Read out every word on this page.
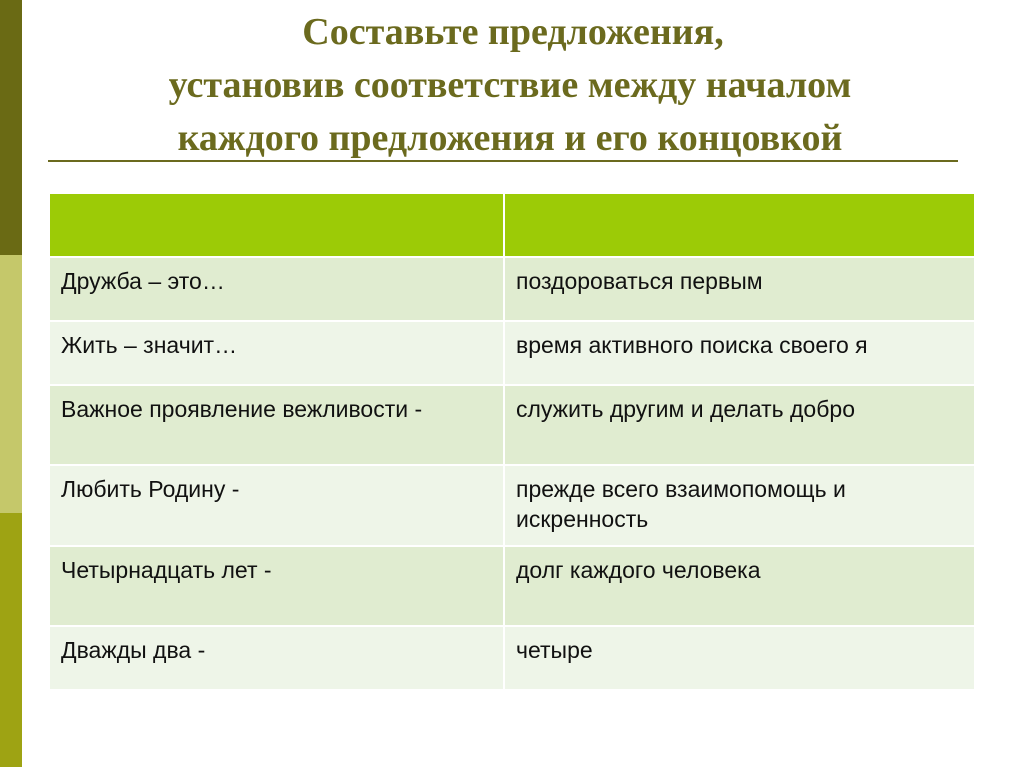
Составьте предложения,
установив соответствие между началом
каждого предложения и его концовкой

Дружба – это…	поздороваться первым
Жить – значит…	время активного поиска своего я
Важное проявление вежливости -	служить другим и делать добро
Любить Родину -	прежде всего взаимопомощь и искренность
Четырнадцать лет -	долг каждого человека
Дважды два -	четыре
